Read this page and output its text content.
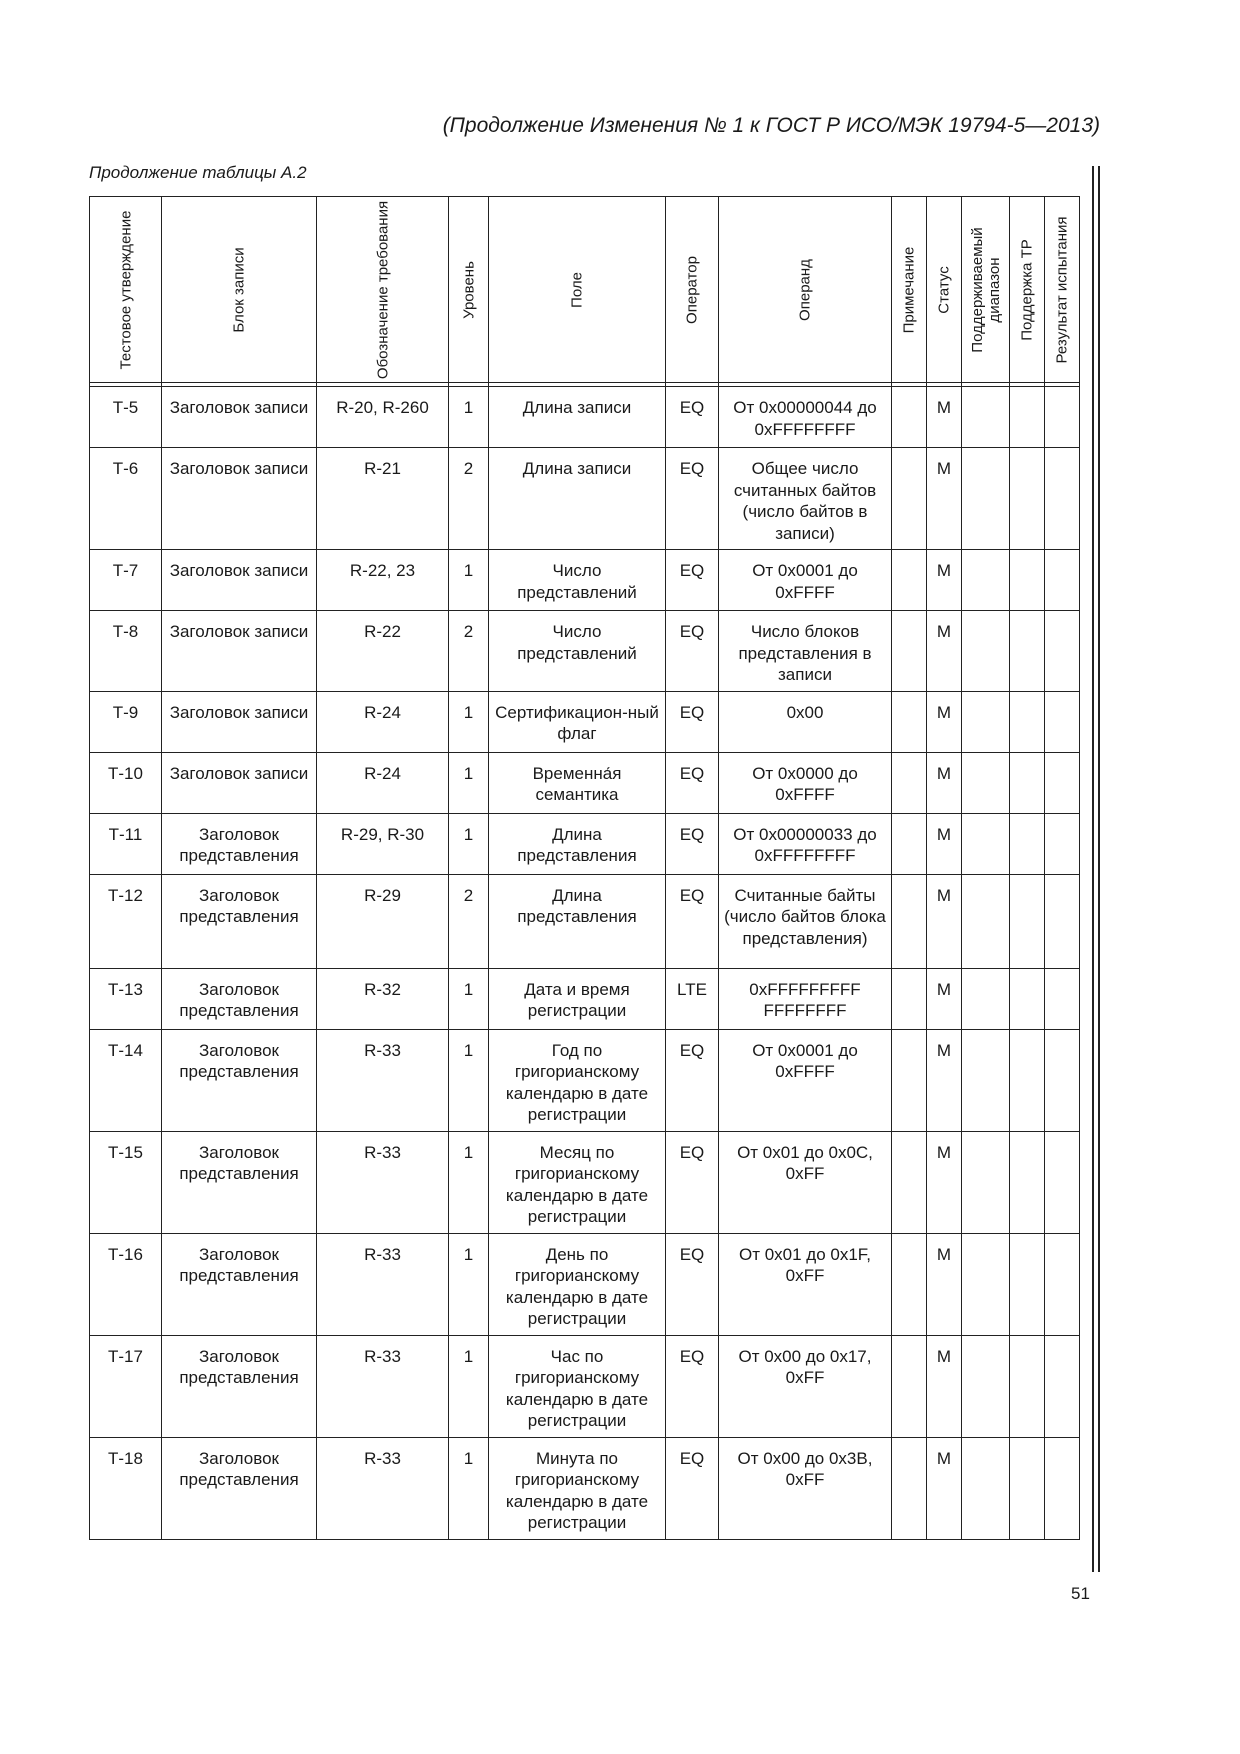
(Продолжение Изменения № 1 к ГОСТ Р ИСО/МЭК 19794-5—2013)
Продолжение таблицы А.2
Тестовое утверждение	Блок записи	Обозначение требования	Уровень	Поле	Оператор	Операнд	Примечание	Статус	Поддерживаемый диапазон	Поддержка ТР	Результат испытания

Т-5	Заголовок записи	R-20, R-260	1	Длина записи	EQ	От 0x00000044 до 0xFFFFFFFF		M			
Т-6	Заголовок записи	R-21	2	Длина записи	EQ	Общее число считанных байтов (число байтов в записи)		M			
Т-7	Заголовок записи	R-22, 23	1	Число представлений	EQ	От 0x0001 до 0xFFFF		M			
Т-8	Заголовок записи	R-22	2	Число представлений	EQ	Число блоков представления в записи		M			
Т-9	Заголовок записи	R-24	1	Сертификацион-ный флаг	EQ	0x00		M			
Т-10	Заголовок записи	R-24	1	Временна́я семантика	EQ	От 0x0000 до 0xFFFF		M			
Т-11	Заголовок представления	R-29, R-30	1	Длина представления	EQ	От 0x00000033 до 0xFFFFFFFF		M			
Т-12	Заголовок представления	R-29	2	Длина представления	EQ	Считанные байты (число байтов блока представления)		M			
Т-13	Заголовок представления	R-32	1	Дата и время регистрации	LTE	0xFFFFFFFFF FFFFFFFF		M			
Т-14	Заголовок представления	R-33	1	Год по григорианскому календарю в дате регистрации	EQ	От 0x0001 до 0xFFFF		M			
Т-15	Заголовок представления	R-33	1	Месяц по григорианскому календарю в дате регистрации	EQ	От 0x01 до 0x0C, 0xFF		M			
Т-16	Заголовок представления	R-33	1	День по григорианскому календарю в дате регистрации	EQ	От 0x01 до 0x1F, 0xFF		M			
Т-17	Заголовок представления	R-33	1	Час по григорианскому календарю в дате регистрации	EQ	От 0x00 до 0x17, 0xFF		M			
Т-18	Заголовок представления	R-33	1	Минута по григорианскому календарю в дате регистрации	EQ	От 0x00 до 0x3B, 0xFF		M			
51
